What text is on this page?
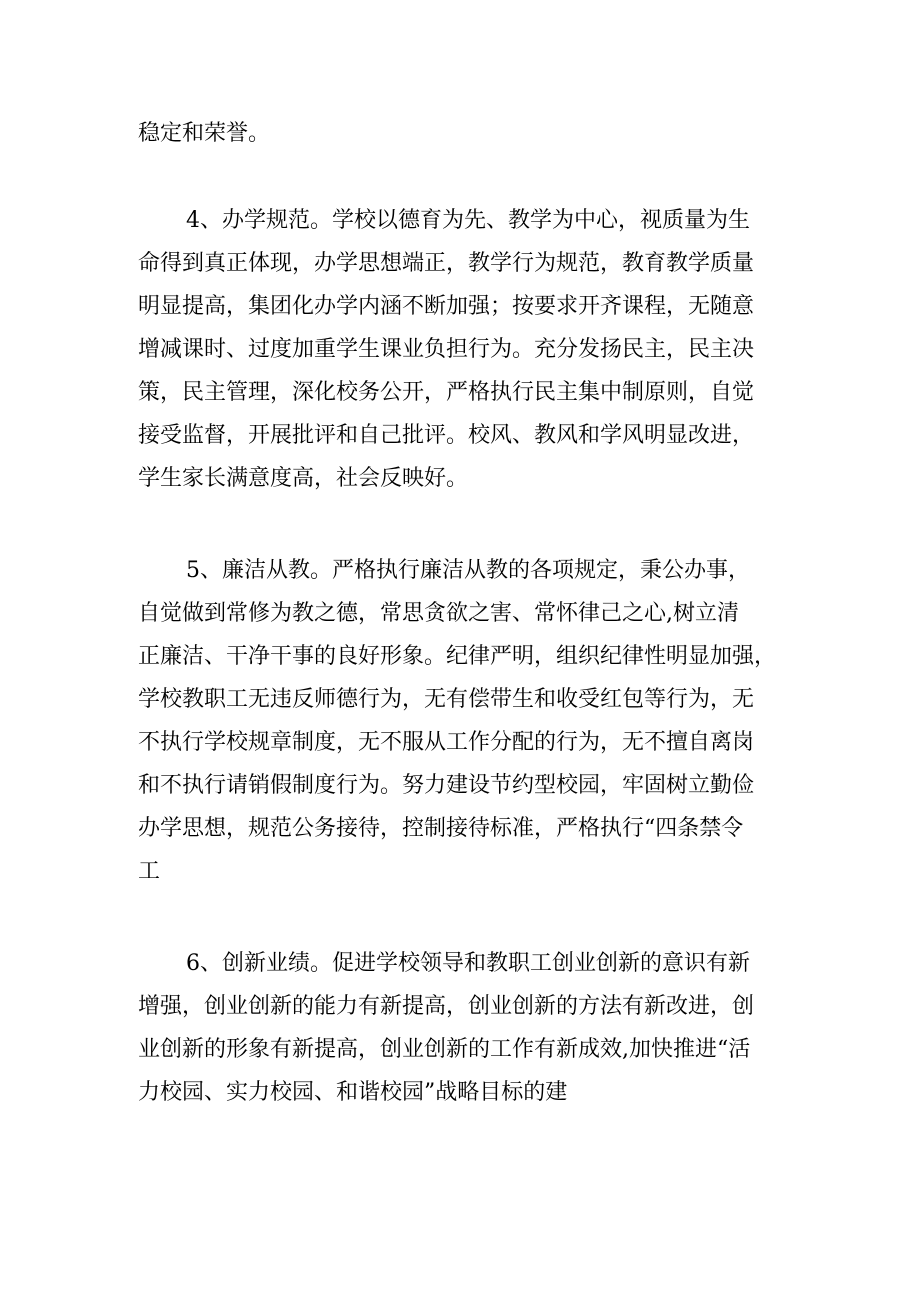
稳定和荣誉。

4、办学规范。学校以德育为先、教学为中心，视质量为生
命得到真正体现，办学思想端正，教学行为规范，教育教学质量
明显提高，集团化办学内涵不断加强；按要求开齐课程，无随意
增减课时、过度加重学生课业负担行为。充分发扬民主，民主决
策，民主管理，深化校务公开，严格执行民主集中制原则，自觉
接受监督，开展批评和自己批评。校风、教风和学风明显改进，
学生家长满意度高，社会反映好。

5、廉洁从教。严格执行廉洁从教的各项规定，秉公办事，
自觉做到常修为教之德，常思贪欲之害、常怀律己之心,树立清
正廉洁、干净干事的良好形象。纪律严明，组织纪律性明显加强，
学校教职工无违反师德行为，无有偿带生和收受红包等行为，无
不执行学校规章制度，无不服从工作分配的行为，无不擅自离岗
和不执行请销假制度行为。努力建设节约型校园，牢固树立勤俭
办学思想，规范公务接待，控制接待标准，严格执行“四条禁令
工

6、创新业绩。促进学校领导和教职工创业创新的意识有新
增强，创业创新的能力有新提高，创业创新的方法有新改进，创
业创新的形象有新提高，创业创新的工作有新成效,加快推进“活
力校园、实力校园、和谐校园”战略目标的建
